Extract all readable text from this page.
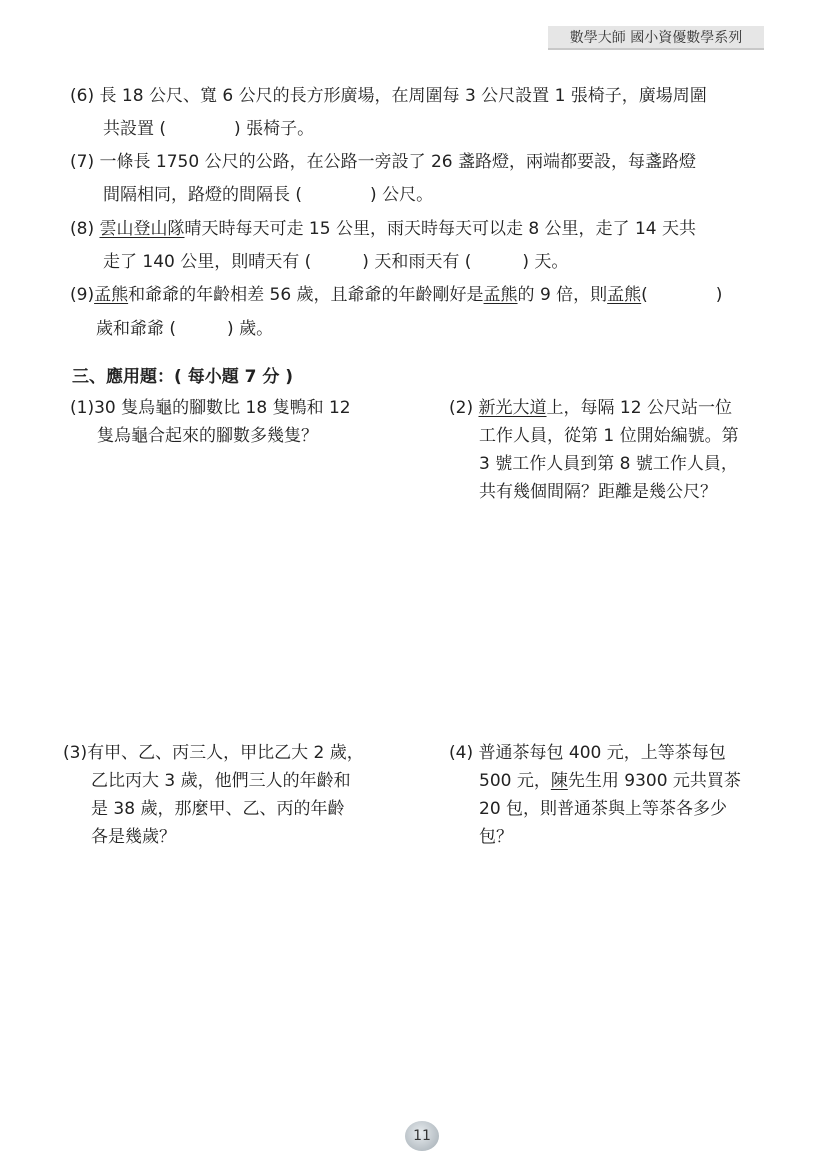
數學大師 國小資優數學系列
(6) 長 18 公尺、寬 6 公尺的長方形廣場，在周圍每 3 公尺設置 1 張椅子，廣場周圍
共設置 (　　　　) 張椅子。
(7) 一條長 1750 公尺的公路，在公路一旁設了 26 盞路燈，兩端都要設，每盞路燈
間隔相同，路燈的間隔長 (　　　　) 公尺。
(8) 雲山登山隊晴天時每天可走 15 公里，雨天時每天可以走 8 公里，走了 14 天共
走了 140 公里，則晴天有 (　　　) 天和雨天有 (　　　) 天。
(9)孟熊和爺爺的年齡相差 56 歲，且爺爺的年齡剛好是孟熊的 9 倍，則孟熊(　　　　)
歲和爺爺 (　　　) 歲。
三、應用題：( 每小題 7 分 )
(1)30 隻烏龜的腳數比 18 隻鴨和 12
隻烏龜合起來的腳數多幾隻？
(2) 新光大道上，每隔 12 公尺站一位
工作人員，從第 1 位開始編號。第
3 號工作人員到第 8 號工作人員，
共有幾個間隔？距離是幾公尺？
(3)有甲、乙、丙三人，甲比乙大 2 歲，
乙比丙大 3 歲，他們三人的年齡和
是 38 歲，那麼甲、乙、丙的年齡
各是幾歲？
(4) 普通茶每包 400 元，上等茶每包
500 元，陳先生用 9300 元共買茶
20 包，則普通茶與上等茶各多少
包？
11
